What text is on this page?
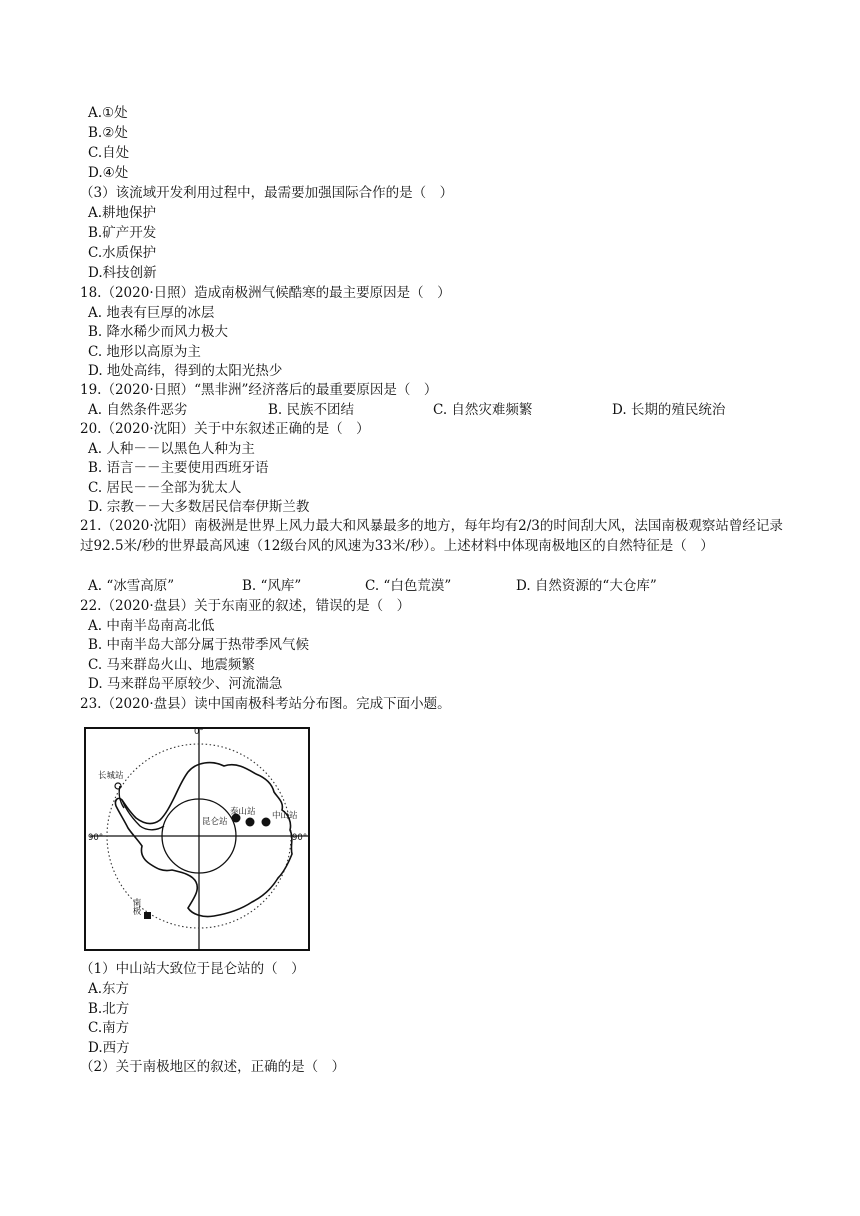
A.①处
B.②处
C.自处
D.④处
（3）该流域开发利用过程中，最需要加强国际合作的是（　）
A.耕地保护
B.矿产开发
C.水质保护
D.科技创新
18.（2020·日照）造成南极洲气候酷寒的最主要原因是（　）
A. 地表有巨厚的冰层
B. 降水稀少而风力极大
C. 地形以高原为主
D. 地处高纬，得到的太阳光热少
19.（2020·日照）“黑非洲”经济落后的最重要原因是（　）
A. 自然条件恶劣	B. 民族不团结	C. 自然灾难频繁	D. 长期的殖民统治
20.（2020·沈阳）关于中东叙述正确的是（　）
A. 人种－－以黑色人种为主
B. 语言－－主要使用西班牙语
C. 居民－－全部为犹太人
D. 宗教－－大多数居民信奉伊斯兰教
21.（2020·沈阳）南极洲是世界上风力最大和风暴最多的地方，每年均有2/3的时间刮大风，法国南极观察站曾经记录过92.5米/秒的世界最高风速（12级台风的风速为33米/秒）。上述材料中体现南极地区的自然特征是（　）
A. “冰雪高原”	B. “风库”	C. “白色荒漠”	D. 自然资源的“大仓库”
22.（2020·盘县）关于东南亚的叙述，错误的是（　）
A. 中南半岛南高北低
B. 中南半岛大部分属于热带季风气候
C. 马来群岛火山、地震频繁
D. 马来群岛平原较少、河流湍急
23.（2020·盘县）读中国南极科考站分布图。完成下面小题。
0°
90°	90°
长城站
昆仑站
泰山站 中山站
南极
（1）中山站大致位于昆仑站的（　）
A.东方
B.北方
C.南方
D.西方
（2）关于南极地区的叙述，正确的是（　）
